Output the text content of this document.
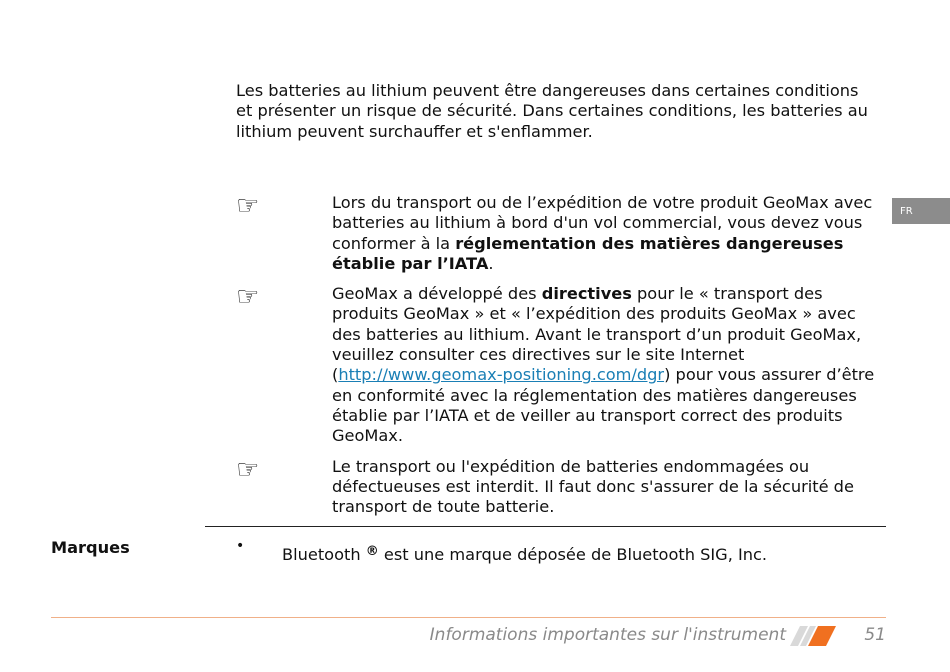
Les batteries au lithium peuvent être dangereuses dans certaines conditions et présenter un risque de sécurité. Dans certaines conditions, les batteries au lithium peuvent surchauffer et s'enflammer.

☞	Lors du transport ou de l’expédition de votre produit GeoMax avec batteries au lithium à bord d'un vol commercial, vous devez vous conformer à la réglementation des matières dangereuses établie par l’IATA.

☞	GeoMax a développé des directives pour le « transport des produits GeoMax » et « l’expédition des produits GeoMax » avec des batteries au lithium. Avant le transport d’un produit GeoMax, veuillez consulter ces directives sur le site Internet (http://www.geomax-positioning.com/dgr) pour vous assurer d’être en conformité avec la réglementation des matières dangereuses établie par l’IATA et de veiller au transport correct des produits GeoMax.

☞	Le transport ou l'expédition de batteries endommagées ou défectueuses est interdit. Il faut donc s'assurer de la sécurité de transport de toute batterie.

FR
Marques	• Bluetooth ® est une marque déposée de Bluetooth SIG, Inc.
Informations importantes sur l'instrument	51
